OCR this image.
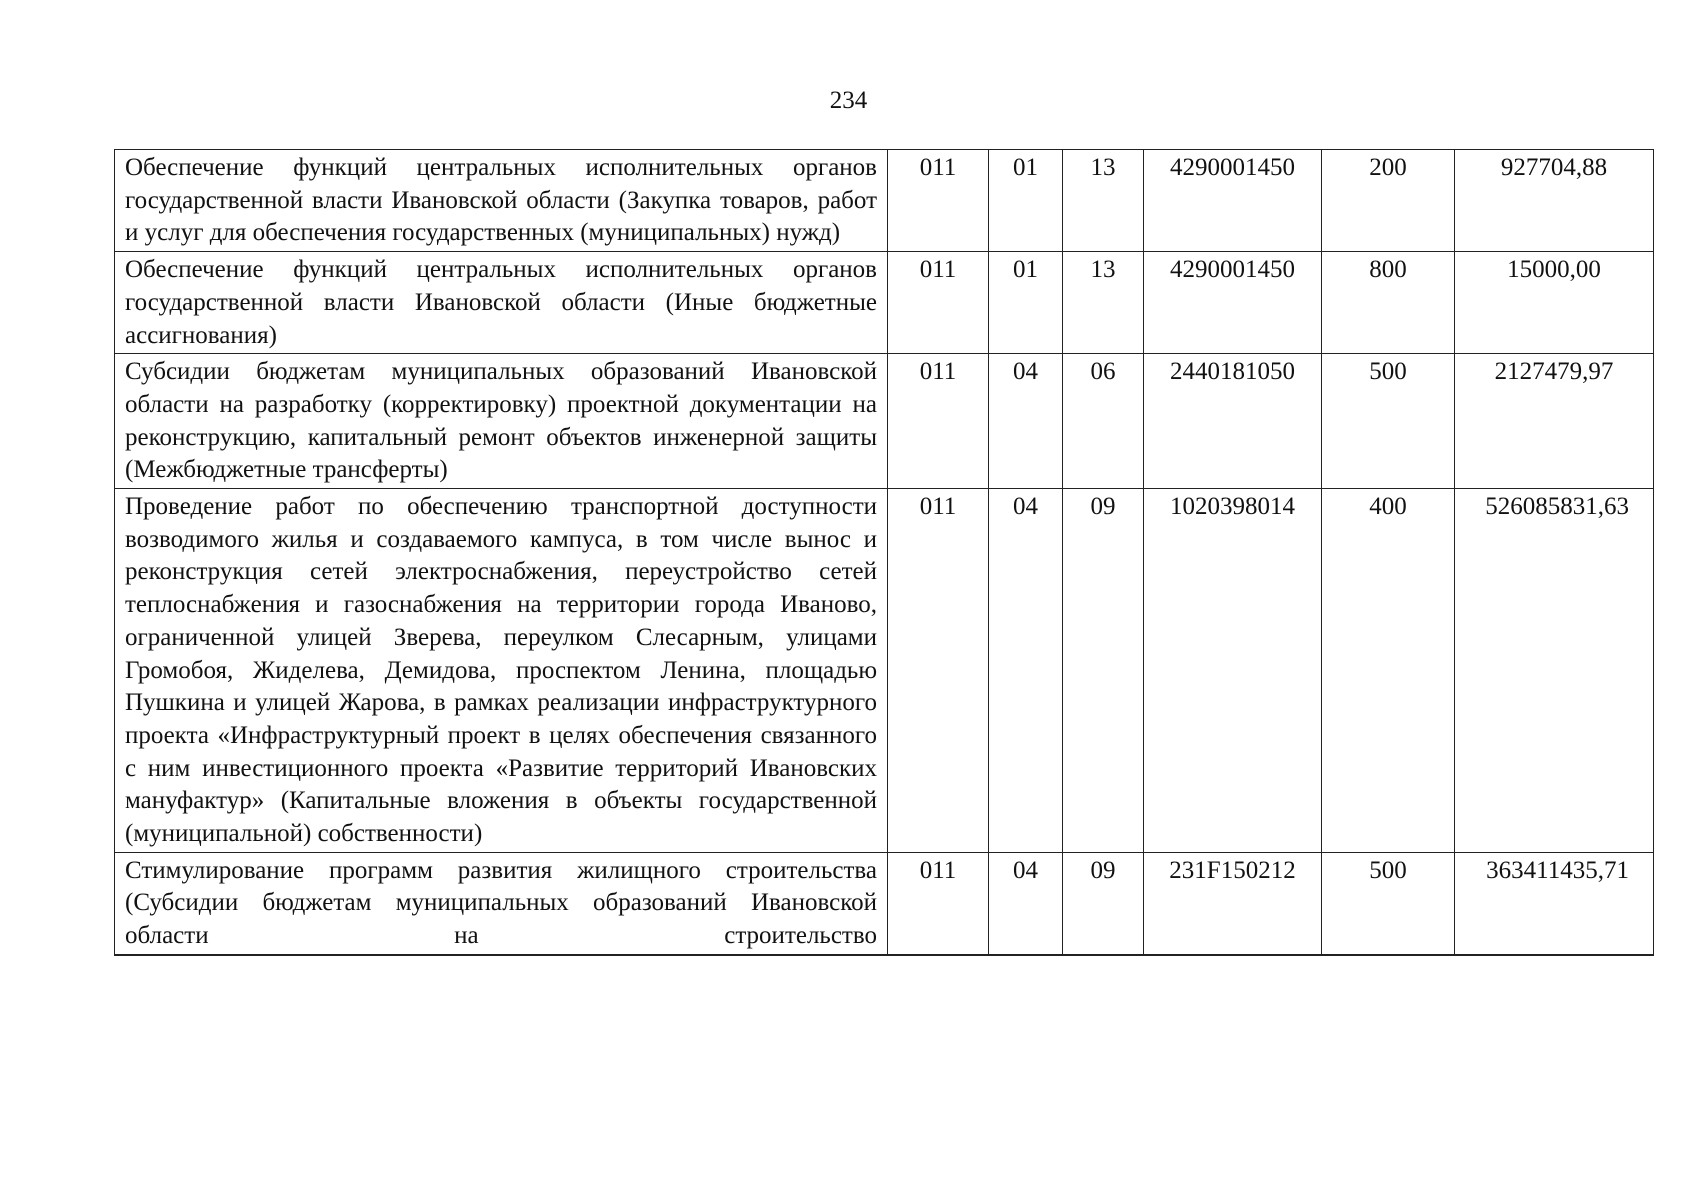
234
Обеспечение функций центральных исполнительных органов государственной власти Ивановской области (Закупка товаров, работ и услуг для обеспечения государственных (муниципальных) нужд)	011	01	13	4290001450	200	927704,88
Обеспечение функций центральных исполнительных органов государственной власти Ивановской области (Иные бюджетные ассигнования)	011	01	13	4290001450	800	15000,00
Субсидии бюджетам муниципальных образований Ивановской области на разработку (корректировку) проектной документации на реконструкцию, капитальный ремонт объектов инженерной защиты (Межбюджетные трансферты)	011	04	06	2440181050	500	2127479,97
Проведение работ по обеспечению транспортной доступности возводимого жилья и создаваемого кампуса, в том числе вынос и реконструкция сетей электроснабжения, переустройство сетей теплоснабжения и газоснабжения на территории города Иваново, ограниченной улицей Зверева, переулком Слесарным, улицами Громобоя, Жиделева, Демидова, проспектом Ленина, площадью Пушкина и улицей Жарова, в рамках реализации инфраструктурного проекта «Инфраструктурный проект в целях обеспечения связанного с ним инвестиционного проекта «Развитие территорий Ивановских мануфактур» (Капитальные вложения в объекты государственной (муниципальной) собственности)	011	04	09	1020398014	400	526085831,63

Стимулирование программ развития жилищного строительства (Субсидии бюджетам муниципальных образований Ивановской области на строительство	011	04	09	231F150212	500	363411435,71
